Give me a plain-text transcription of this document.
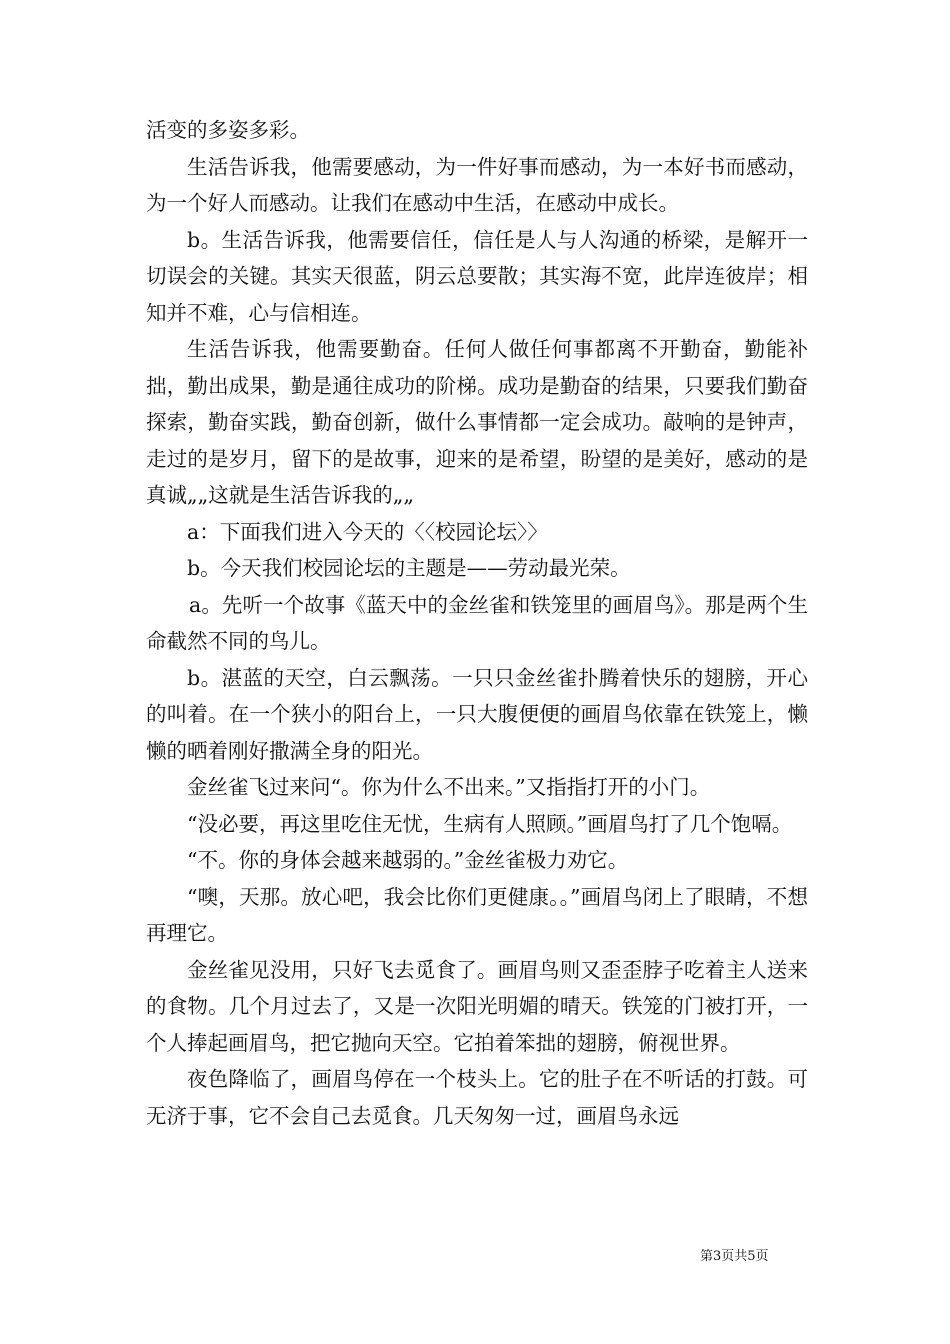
活变的多姿多彩。

生活告诉我，他需要感动，为一件好事而感动，为一本好书而感动，为一个好人而感动。让我们在感动中生活，在感动中成长。

b。生活告诉我，他需要信任，信任是人与人沟通的桥梁，是解开一切误会的关键。其实天很蓝，阴云总要散；其实海不宽，此岸连彼岸；相知并不难，心与信相连。

生活告诉我，他需要勤奋。任何人做任何事都离不开勤奋，勤能补拙，勤出成果，勤是通往成功的阶梯。成功是勤奋的结果，只要我们勤奋探索，勤奋实践，勤奋创新，做什么事情都一定会成功。敲响的是钟声，走过的是岁月，留下的是故事，迎来的是希望，盼望的是美好，感动的是真诚„„这就是生活告诉我的„„

a：下面我们进入今天的〈〈校园论坛〉〉

b。今天我们校园论坛的主题是——劳动最光荣。

a。先听一个故事《蓝天中的金丝雀和铁笼里的画眉鸟》。那是两个生命截然不同的鸟儿。

b。湛蓝的天空，白云飘荡。一只只金丝雀扑腾着快乐的翅膀，开心的叫着。在一个狭小的阳台上，一只大腹便便的画眉鸟依靠在铁笼上，懒懒的晒着刚好撒满全身的阳光。

金丝雀飞过来问“。你为什么不出来。”又指指打开的小门。

“没必要，再这里吃住无忧，生病有人照顾。”画眉鸟打了几个饱嗝。

“不。你的身体会越来越弱的。”金丝雀极力劝它。

“噢，天那。放心吧，我会比你们更健康。。”画眉鸟闭上了眼睛，不想再理它。

金丝雀见没用，只好飞去觅食了。画眉鸟则又歪歪脖子吃着主人送来的食物。几个月过去了，又是一次阳光明媚的晴天。铁笼的门被打开，一个人捧起画眉鸟，把它抛向天空。它拍着笨拙的翅膀，俯视世界。

夜色降临了，画眉鸟停在一个枝头上。它的肚子在不听话的打鼓。可无济于事，它不会自己去觅食。几天匆匆一过，画眉鸟永远

第3页共5页
